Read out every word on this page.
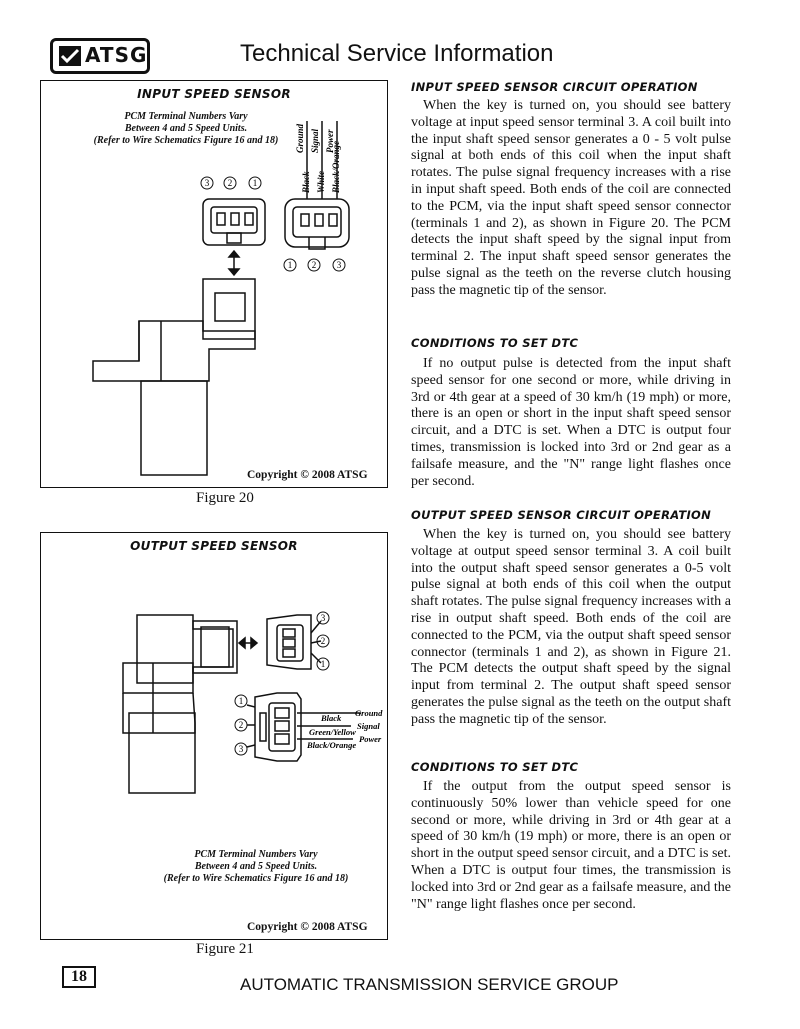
ATSG	Technical Service Information
INPUT SPEED SENSOR
PCM Terminal Numbers Vary
Between 4 and 5 Speed Units.
(Refer to Wire Schematics Figure 16 and 18)	Ground Signal Power
Black White Black/Orange
3 2 1
1 2 3
Copyright © 2008 ATSG
Figure 20
OUTPUT SPEED SENSOR
3
2
1
1
2
3
Ground
Signal
Power
Black
Green/Yellow
Black/Orange
PCM Terminal Numbers Vary
Between 4 and 5 Speed Units.
(Refer to Wire Schematics Figure 16 and 18)
Copyright © 2008 ATSG
Figure 21
INPUT SPEED SENSOR CIRCUIT OPERATION
When the key is turned on, you should see battery voltage at input speed sensor terminal 3. A coil built into the input shaft speed sensor generates a 0 - 5 volt pulse signal at both ends of this coil when the input shaft rotates. The pulse signal frequency increases with a rise in input shaft speed. Both ends of the coil are connected to the PCM, via the input shaft speed sensor connector (terminals 1 and 2), as shown in Figure 20. The PCM detects the input shaft speed by the signal input from terminal 2. The input shaft speed sensor generates the pulse signal as the teeth on the reverse clutch housing pass the magnetic tip of the sensor.
CONDITIONS TO SET DTC
If no output pulse is detected from the input shaft speed sensor for one second or more, while driving in 3rd or 4th gear at a speed of 30 km/h (19 mph) or more, there is an open or short in the input shaft speed sensor circuit, and a DTC is set. When a DTC is output four times, transmission is locked into 3rd or 2nd gear as a failsafe measure, and the "N" range light flashes once per second.
OUTPUT SPEED SENSOR CIRCUIT OPERATION
When the key is turned on, you should see battery voltage at output speed sensor terminal 3. A coil built into the output shaft speed sensor generates a 0-5 volt pulse signal at both ends of this coil when the output shaft rotates. The pulse signal frequency increases with a rise in output shaft speed. Both ends of the coil are connected to the PCM, via the output shaft speed sensor connector (terminals 1 and 2), as shown in Figure 21. The PCM detects the output shaft speed by the signal input from terminal 2. The output shaft speed sensor generates the pulse signal as the teeth on the output shaft pass the magnetic tip of the sensor.
CONDITIONS TO SET DTC
If the output from the output speed sensor is continuously 50% lower than vehicle speed for one second or more, while driving in 3rd or 4th gear at a speed of 30 km/h (19 mph) or more, there is an open or short in the output speed sensor circuit, and a DTC is set. When a DTC is output four times, the transmission is locked into 3rd or 2nd gear as a failsafe measure, and the "N" range light flashes once per second.
18	AUTOMATIC TRANSMISSION SERVICE GROUP
